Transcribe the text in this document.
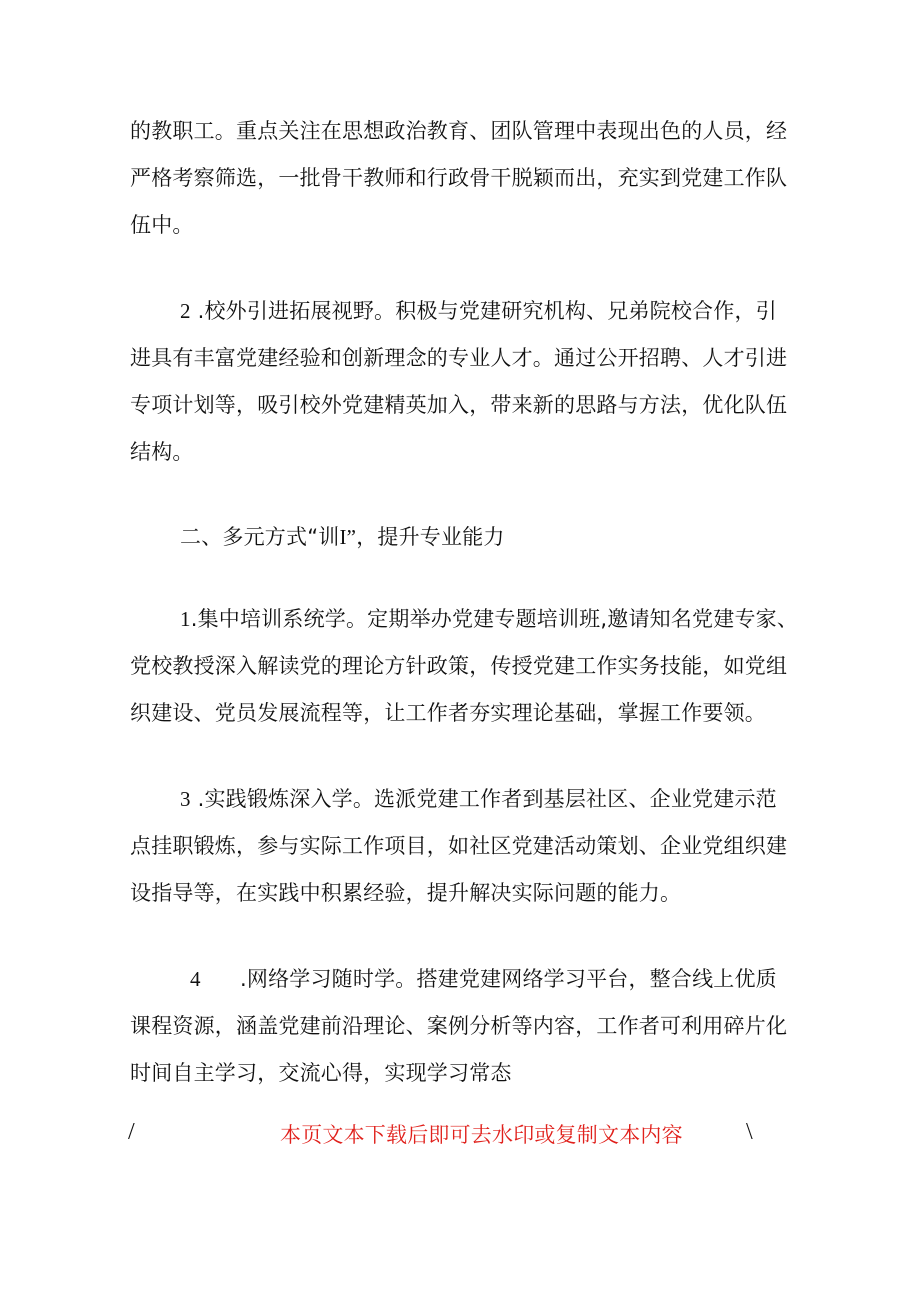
的教职工。重点关注在思想政治教育、团队管理中表现出色的人员，经
严格考察筛选，一批骨干教师和行政骨干脱颖而出，充实到党建工作队
伍中。

2 .校外引进拓展视野。积极与党建研究机构、兄弟院校合作，引
进具有丰富党建经验和创新理念的专业人才。通过公开招聘、人才引进
专项计划等，吸引校外党建精英加入，带来新的思路与方法，优化队伍
结构。

二、多元方式“训I”，提升专业能力

1.集中培训系统学。定期举办党建专题培训班,邀请知名党建专家、
党校教授深入解读党的理论方针政策，传授党建工作实务技能，如党组
织建设、党员发展流程等，让工作者夯实理论基础，掌握工作要领。

3 .实践锻炼深入学。选派党建工作者到基层社区、企业党建示范
点挂职锻炼，参与实际工作项目，如社区党建活动策划、企业党组织建
设指导等，在实践中积累经验，提升解决实际问题的能力。

4 .网络学习随时学。搭建党建网络学习平台，整合线上优质
课程资源，涵盖党建前沿理论、案例分析等内容，工作者可利用碎片化
时间自主学习，交流心得，实现学习常态

/	本页文本下载后即可去水印或复制文本内容	\
